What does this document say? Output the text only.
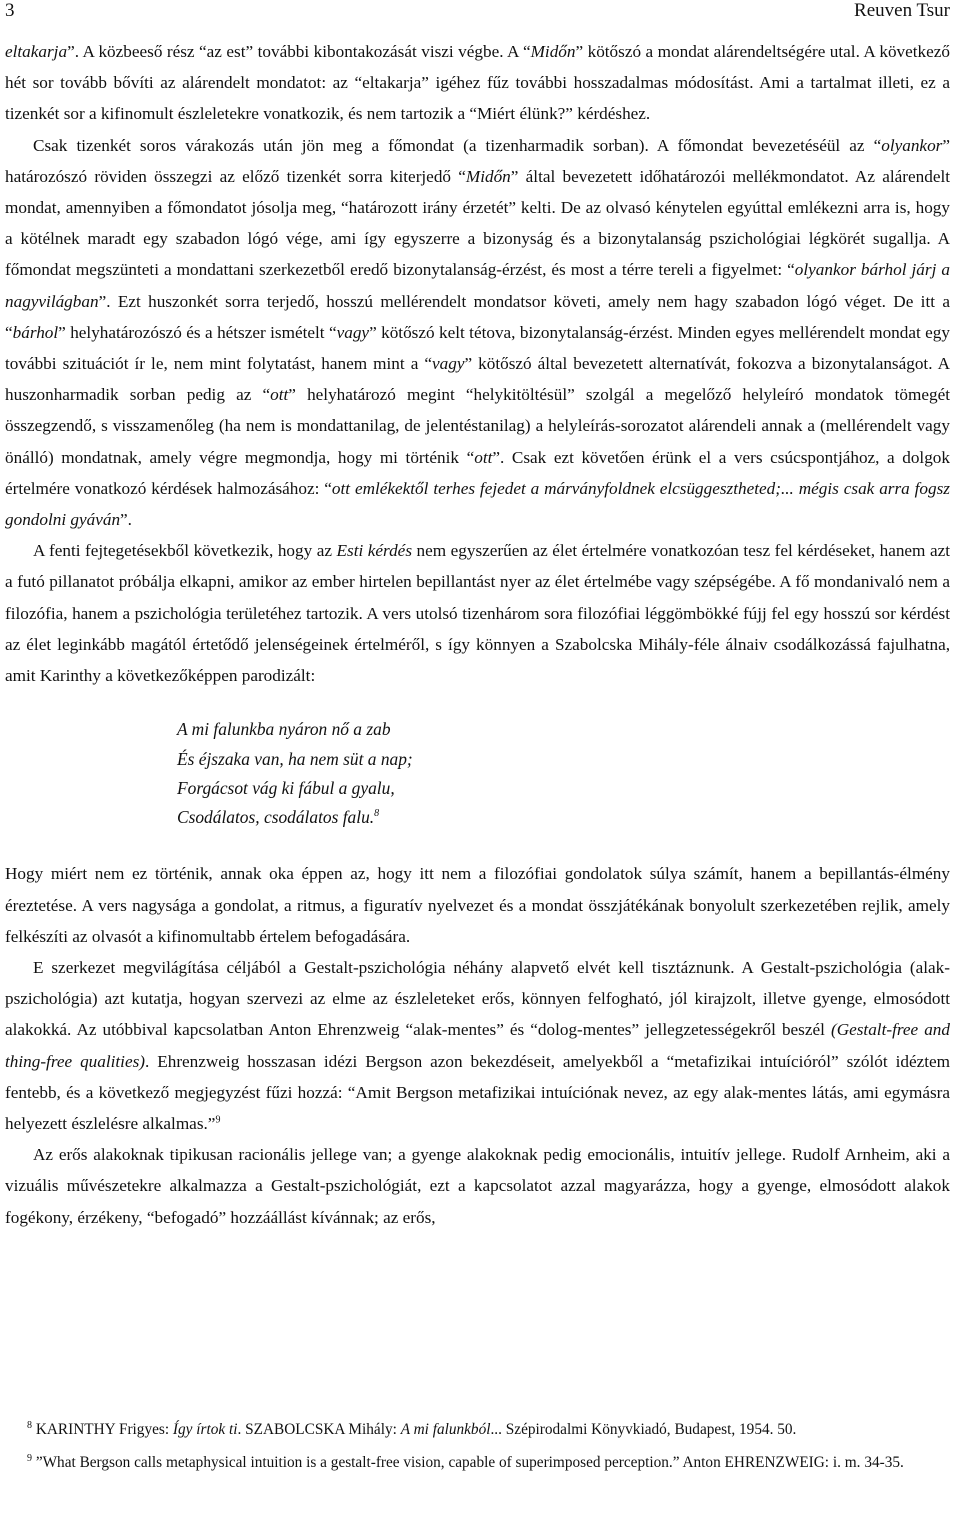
3	Reuven Tsur

eltakarja”. A közbeeső rész “az est” további kibontakozását viszi végbe. A “Midőn” kötőszó a mondat alárendeltségére utal. A következő hét sor tovább bővíti az alárendelt mondatot: az “eltakarja” igéhez fűz további hosszadalmas módosítást. Ami a tartalmat illeti, ez a tizenkét sor a kifinomult észleletekre vonatkozik, és nem tartozik a “Miért élünk?” kérdéshez.

Csak tizenkét soros várakozás után jön meg a főmondat (a tizenharmadik sorban). A főmondat bevezetéséül az “olyankor” határozószó röviden összegzi az előző tizenkét sorra kiterjedő “Midőn” által bevezetett időhatározói mellékmondatot. Az alárendelt mondat, amennyiben a főmondatot jósolja meg, “határozott irány érzetét” kelti. De az olvasó kénytelen egyúttal emlékezni arra is, hogy a kötélnek maradt egy szabadon lógó vége, ami így egyszerre a bizonyság és a bizonytalanság pszichológiai légkörét sugallja. A főmondat megszünteti a mondattani szerkezetből eredő bizonytalanság-érzést, és most a térre tereli a figyelmet: “olyankor bárhol járj a nagyvilágban”. Ezt huszonkét sorra terjedő, hosszú mellérendelt mondatsor követi, amely nem hagy szabadon lógó véget. De itt a “bárhol” helyhatározószó és a hétszer ismételt “vagy” kötőszó kelt tétova, bizonytalanság-érzést. Minden egyes mellérendelt mondat egy további szituációt ír le, nem mint folytatást, hanem mint a “vagy” kötőszó által bevezetett alternatívát, fokozva a bizonytalanságot. A huszonharmadik sorban pedig az “ott” helyhatározó megint “helykitöltésül” szolgál a megelőző helyleíró mondatok tömegét összegzendő, s visszamenőleg (ha nem is mondattanilag, de jelentéstanilag) a helyleírás-sorozatot alárendeli annak a (mellérendelt vagy önálló) mondatnak, amely végre megmondja, hogy mi történik “ott”. Csak ezt követően érünk el a vers csúcspontjához, a dolgok értelmére vonatkozó kérdések halmozásához: “ott emlékektől terhes fejedet a márványfoldnek elcsüggesztheted;... mégis csak arra fogsz gondolni gyáván”.

A fenti fejtegetésekből következik, hogy az Esti kérdés nem egyszerűen az élet értelmére vonatkozóan tesz fel kérdéseket, hanem azt a futó pillanatot próbálja elkapni, amikor az ember hirtelen bepillantást nyer az élet értelmébe vagy szépségébe. A fő mondanivaló nem a filozófia, hanem a pszichológia területéhez tartozik. A vers utolsó tizenhárom sora filozófiai léggömbökké fújj fel egy hosszú sor kérdést az élet leginkább magától értetődő jelenségeinek értelméről, s így könnyen a Szabolcska Mihály-féle álnaiv csodálkozássá fajulhatna, amit Karinthy a következőképpen parodizált:

A mi falunkba nyáron nő a zab
És éjszaka van, ha nem süt a nap;
Forgácsot vág ki fábul a gyalu,
Csodálatos, csodálatos falu.$^8$

Hogy miért nem ez történik, annak oka éppen az, hogy itt nem a filozófiai gondolatok súlya számít, hanem a bepillantás-élmény éreztetése. A vers nagysága a gondolat, a ritmus, a figuratív nyelvezet és a mondat összjátékának bonyolult szerkezetében rejlik, amely felkészíti az olvasót a kifinomultabb értelem befogadására.

E szerkezet megvilágítása céljából a Gestalt-pszichológia néhány alapvető elvét kell tisztáznunk. A Gestalt-pszichológia (alak-pszichológia) azt kutatja, hogyan szervezi az elme az észleleteket erős, könnyen felfogható, jól kirajzolt, illetve gyenge, elmosódott alakokká. Az utóbbival kapcsolatban Anton Ehrenzweig “alak-mentes” és “dolog-mentes” jellegzetességekről beszél (Gestalt-free and thing-free qualities). Ehrenzweig hosszasan idézi Bergson azon bekezdéseit, amelyekből a “metafizikai intuícióról” szólót idéztem fentebb, és a következő megjegyzést fűzi hozzá: “Amit Bergson metafizikai intuíciónak nevez, az egy alak-mentes látás, ami egymásra helyezett észlelésre alkalmas.”$^9$

Az erős alakoknak tipikusan racionális jellege van; a gyenge alakoknak pedig emocionális, intuitív jellege. Rudolf Arnheim, aki a vizuális művészetekre alkalmazza a Gestalt-pszichológiát, ezt a kapcsolatot azzal magyarázza, hogy a gyenge, elmosódott alakok fogékony, érzékeny, “befogadó” hozzáállást kívánnak; az erős,

$^8$ KARINTHY Frigyes: Így írtok ti. SZABOLCSKA Mihály: A mi falunkból... Szépirodalmi Könyvkiadó, Budapest, 1954. 50.

$^9$ ”What Bergson calls metaphysical intuition is a gestalt-free vision, capable of superimposed perception.” Anton EHRENZWEIG: i. m. 34-35.
